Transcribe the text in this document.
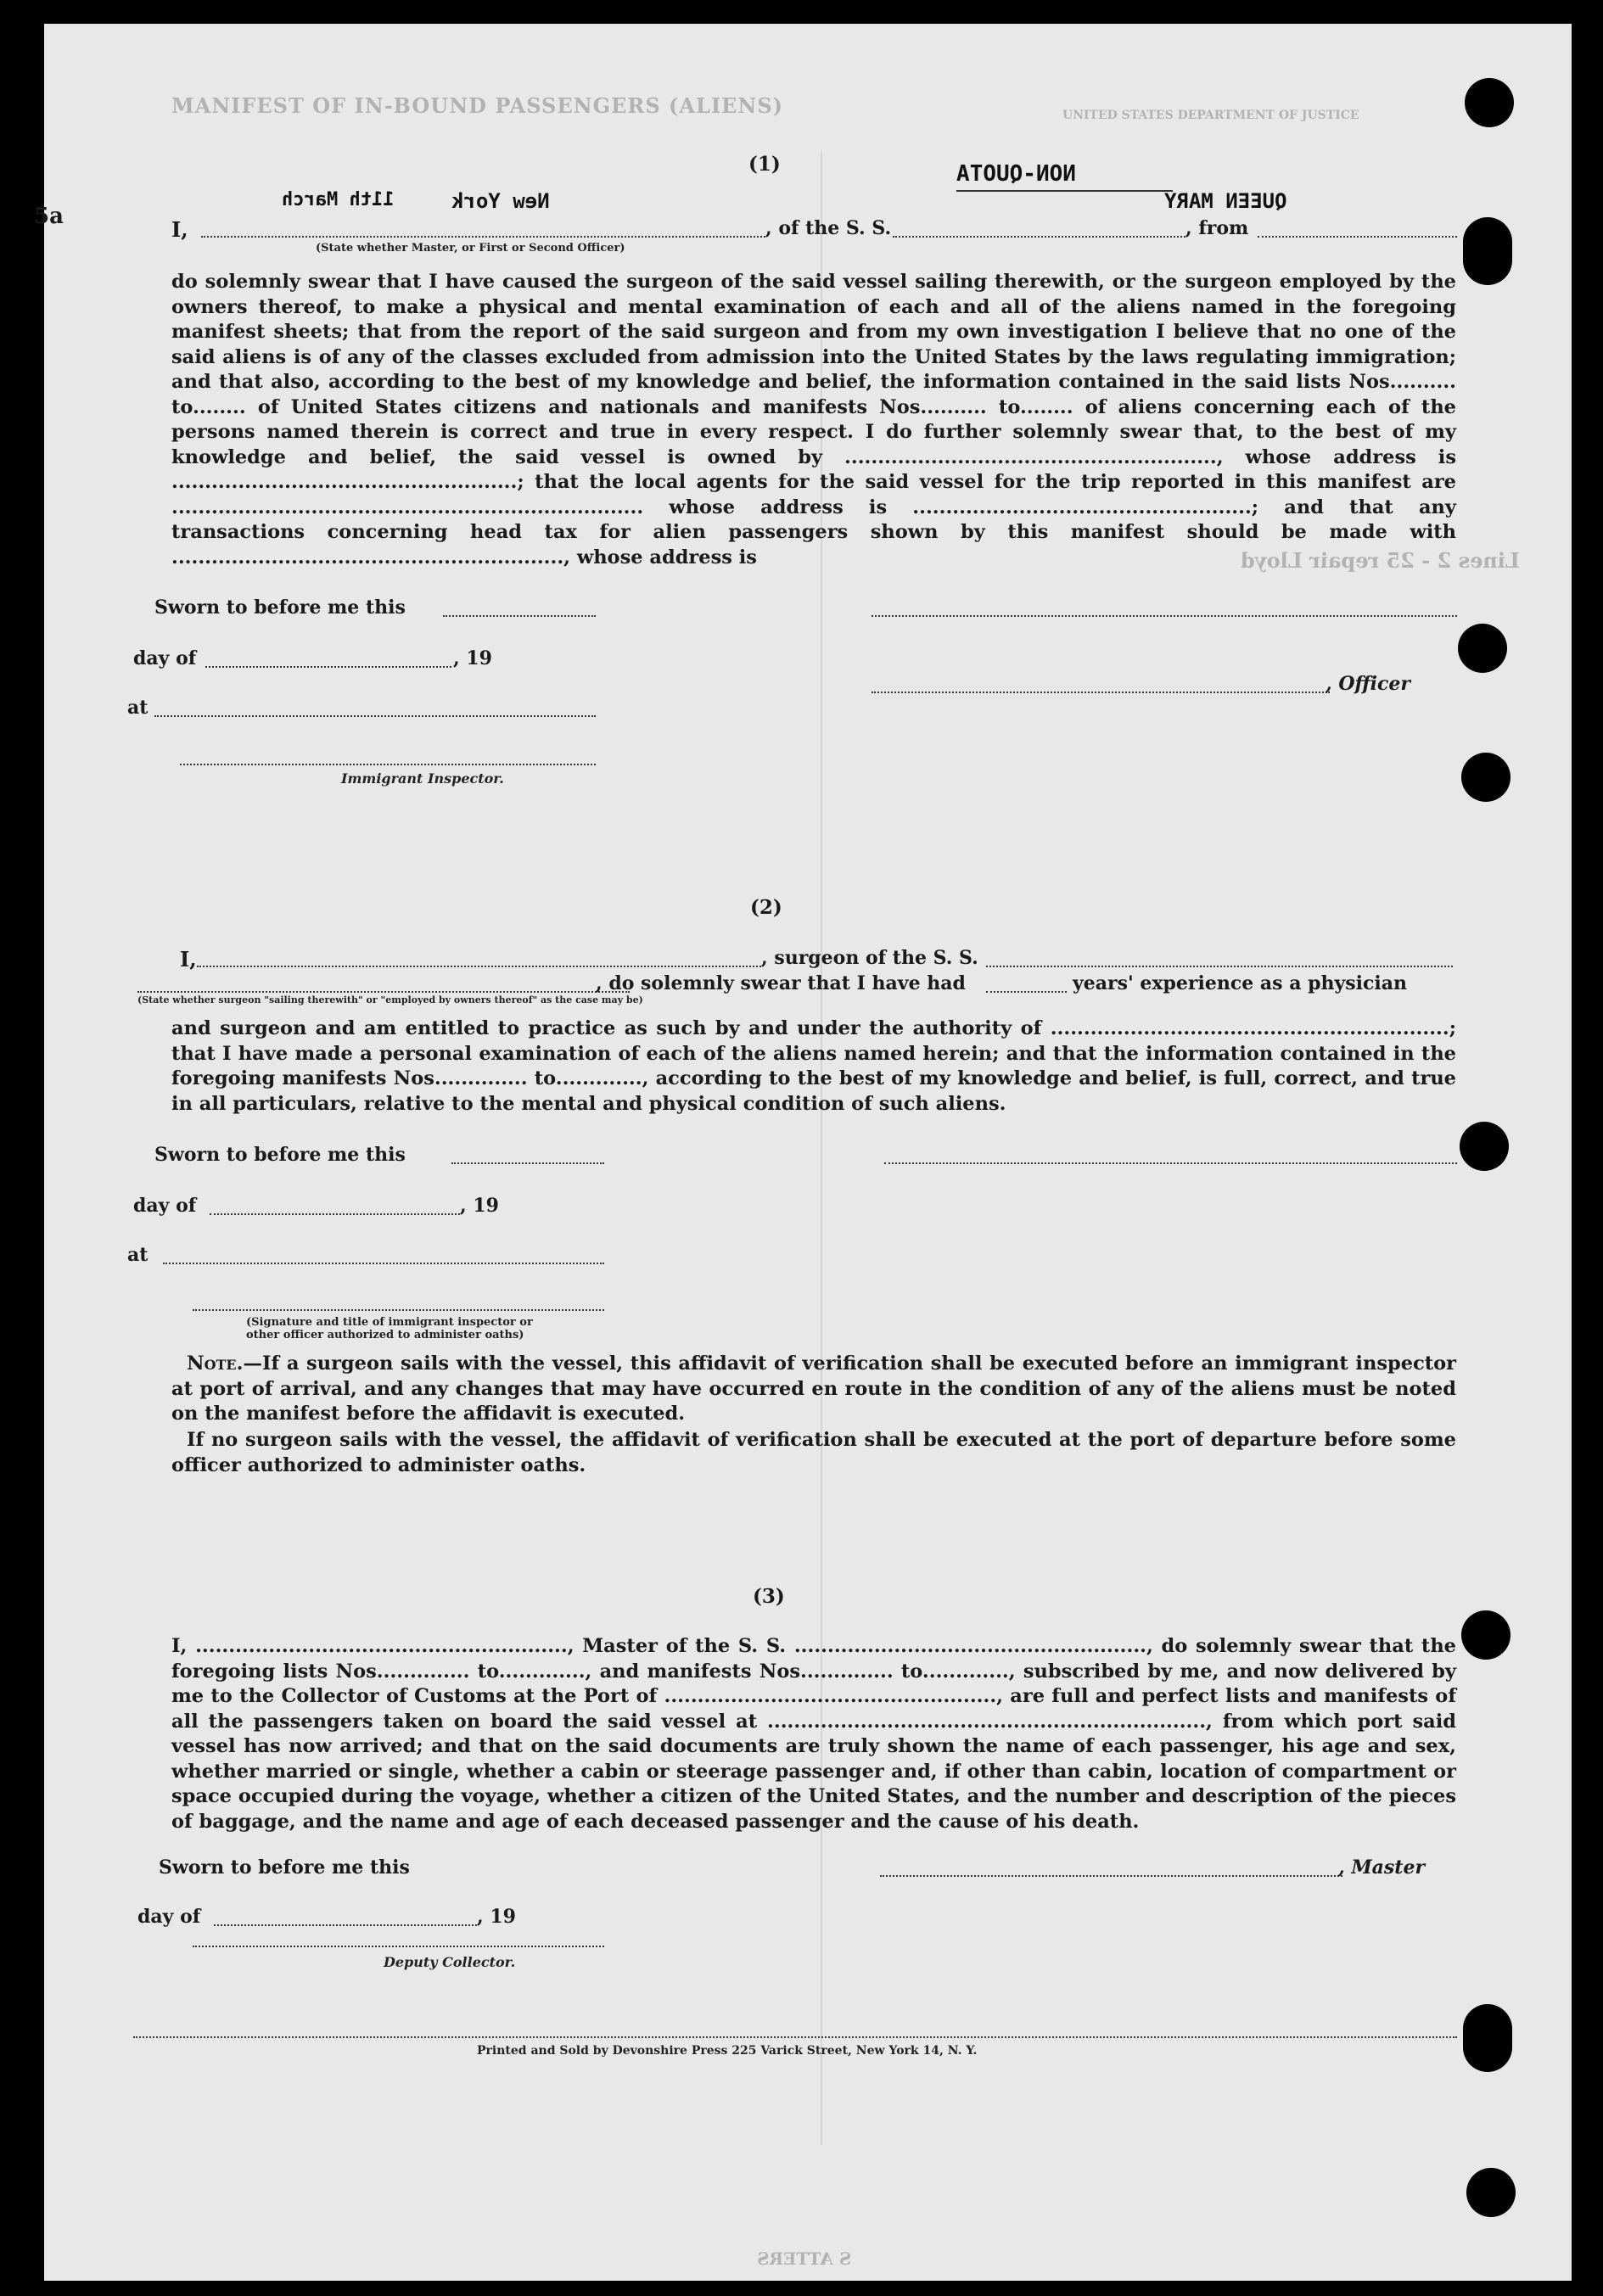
MANIFEST OF IN-BOUND PASSENGERS (ALIENS)	UNITED STATES DEPARTMENT OF JUSTICE
5a
(1)	NON-QUOTA
QUEEN MARY
New York
11th March
I,	, of the S. S.	, from
(State whether Master, or First or Second Officer)
do solemnly swear that I have caused the surgeon of the said vessel sailing therewith, or the surgeon employed by the owners thereof, to make a physical and mental examination of each and all of the aliens named in the foregoing manifest sheets; that from the report of the said surgeon and from my own investigation I believe that no one of the said aliens is of any of the classes excluded from admission into the United States by the laws regulating immigration; and that also, according to the best of my knowledge and belief, the information contained in the said lists Nos.......... to........ of United States citizens and nationals and manifests Nos.......... to........ of aliens concerning each of the persons named therein is correct and true in every respect. I do further solemnly swear that, to the best of my knowledge and belief, the said vessel is owned by ........................................................, whose address is ....................................................; that the local agents for the said vessel for the trip reported in this manifest are ....................................................................... whose address is ...................................................; and that any transactions concerning head tax for alien passengers shown by this manifest should be made with ..........................................................., whose address is	Lines 2 - 25 repair Lloyd
Sworn to before me this
day of	, 19
, Officer
at
Immigrant Inspector.
(2)
I,	, surgeon of the S. S.
, do solemnly swear that I have had	years' experience as a physician
(State whether surgeon "sailing therewith" or "employed by owners thereof" as the case may be)
and surgeon and am entitled to practice as such by and under the authority of ............................................................; that I have made a personal examination of each of the aliens named herein; and that the information contained in the foregoing manifests Nos.............. to............., according to the best of my knowledge and belief, is full, correct, and true in all particulars, relative to the mental and physical condition of such aliens.
Sworn to before me this
day of	, 19
at
(Signature and title of immigrant inspector or
other officer authorized to administer oaths)
Note.—If a surgeon sails with the vessel, this affidavit of verification shall be executed before an immigrant inspector at port of arrival, and any changes that may have occurred en route in the condition of any of the aliens must be noted on the manifest before the affidavit is executed.
If no surgeon sails with the vessel, the affidavit of verification shall be executed at the port of departure before some officer authorized to administer oaths.
(3)
I, ........................................................, Master of the S. S. ....................................................., do solemnly swear that the foregoing lists Nos.............. to............., and manifests Nos.............. to............., subscribed by me, and now delivered by me to the Collector of Customs at the Port of .................................................., are full and perfect lists and manifests of all the passengers taken on board the said vessel at .................................................................., from which port said vessel has now arrived; and that on the said documents are truly shown the name of each passenger, his age and sex, whether married or single, whether a cabin or steerage passenger and, if other than cabin, location of compartment or space occupied during the voyage, whether a citizen of the United States, and the number and description of the pieces of baggage, and the name and age of each deceased passenger and the cause of his death.
Sworn to before me this	, Master
day of	, 19
Deputy Collector.
Printed and Sold by Devonshire Press 225 Varick Street, New York 14, N. Y.
S ATTERS
